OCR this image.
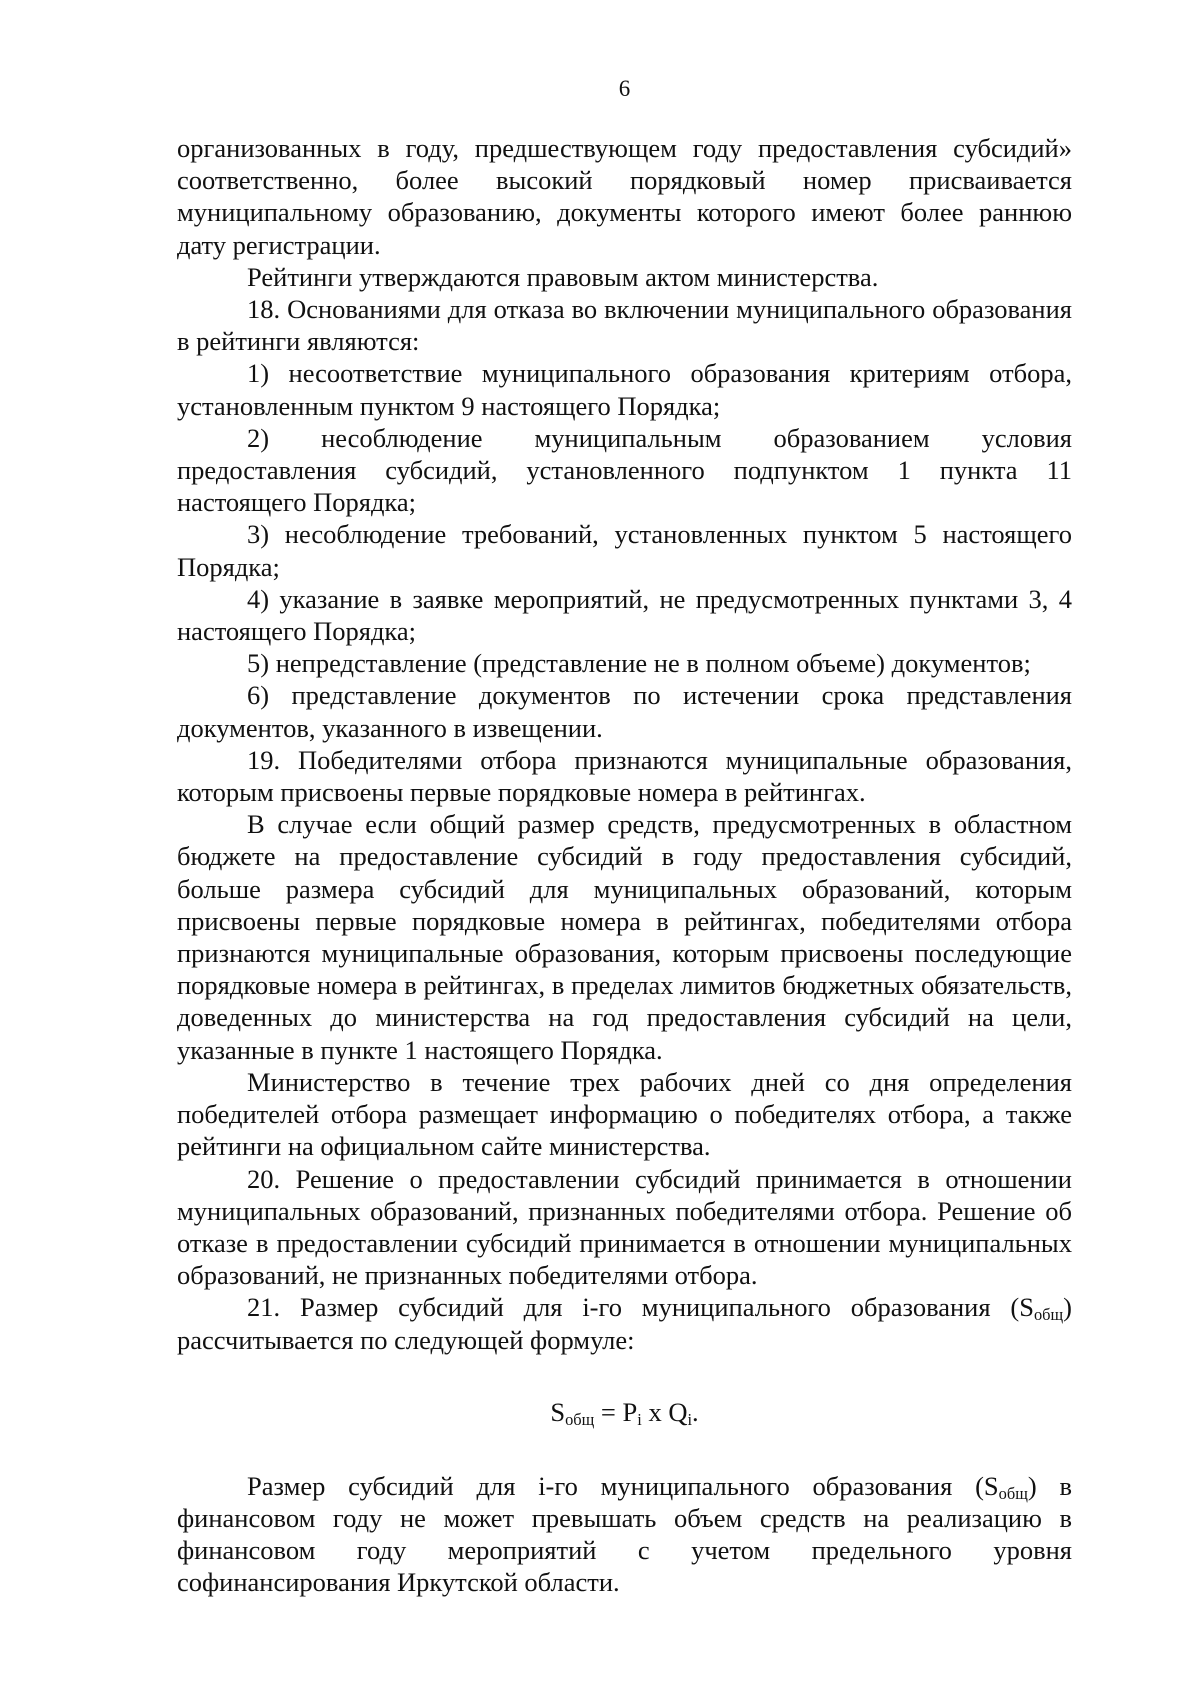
6

организованных в году, предшествующем году предоставления субсидий» соответственно, более высокий порядковый номер присваивается муниципальному образованию, документы которого имеют более раннюю дату регистрации.

Рейтинги утверждаются правовым актом министерства.

18. Основаниями для отказа во включении муниципального образования в рейтинги являются:

1) несоответствие муниципального образования критериям отбора, установленным пунктом 9 настоящего Порядка;

2) несоблюдение муниципальным образованием условия предоставления субсидий, установленного подпунктом 1 пункта 11 настоящего Порядка;

3) несоблюдение требований, установленных пунктом 5 настоящего Порядка;

4) указание в заявке мероприятий, не предусмотренных пунктами 3, 4 настоящего Порядка;

5) непредставление (представление не в полном объеме) документов;

6) представление документов по истечении срока представления документов, указанного в извещении.

19. Победителями отбора признаются муниципальные образования, которым присвоены первые порядковые номера в рейтингах.

В случае если общий размер средств, предусмотренных в областном бюджете на предоставление субсидий в году предоставления субсидий, больше размера субсидий для муниципальных образований, которым присвоены первые порядковые номера в рейтингах, победителями отбора признаются муниципальные образования, которым присвоены последующие порядковые номера в рейтингах, в пределах лимитов бюджетных обязательств, доведенных до министерства на год предоставления субсидий на цели, указанные в пункте 1 настоящего Порядка.

Министерство в течение трех рабочих дней со дня определения победителей отбора размещает информацию о победителях отбора, а также рейтинги на официальном сайте министерства.

20. Решение о предоставлении субсидий принимается в отношении муниципальных образований, признанных победителями отбора. Решение об отказе в предоставлении субсидий принимается в отношении муниципальных образований, не признанных победителями отбора.

21. Размер субсидий для i-го муниципального образования $(S_{общ})$ рассчитывается по следующей формуле:

$S_{общ} = P_i$ x $Q_i$.

Размер субсидий для i-го муниципального образования $(S_{общ})$ в финансовом году не может превышать объем средств на реализацию в финансовом году мероприятий с учетом предельного уровня софинансирования Иркутской области.
